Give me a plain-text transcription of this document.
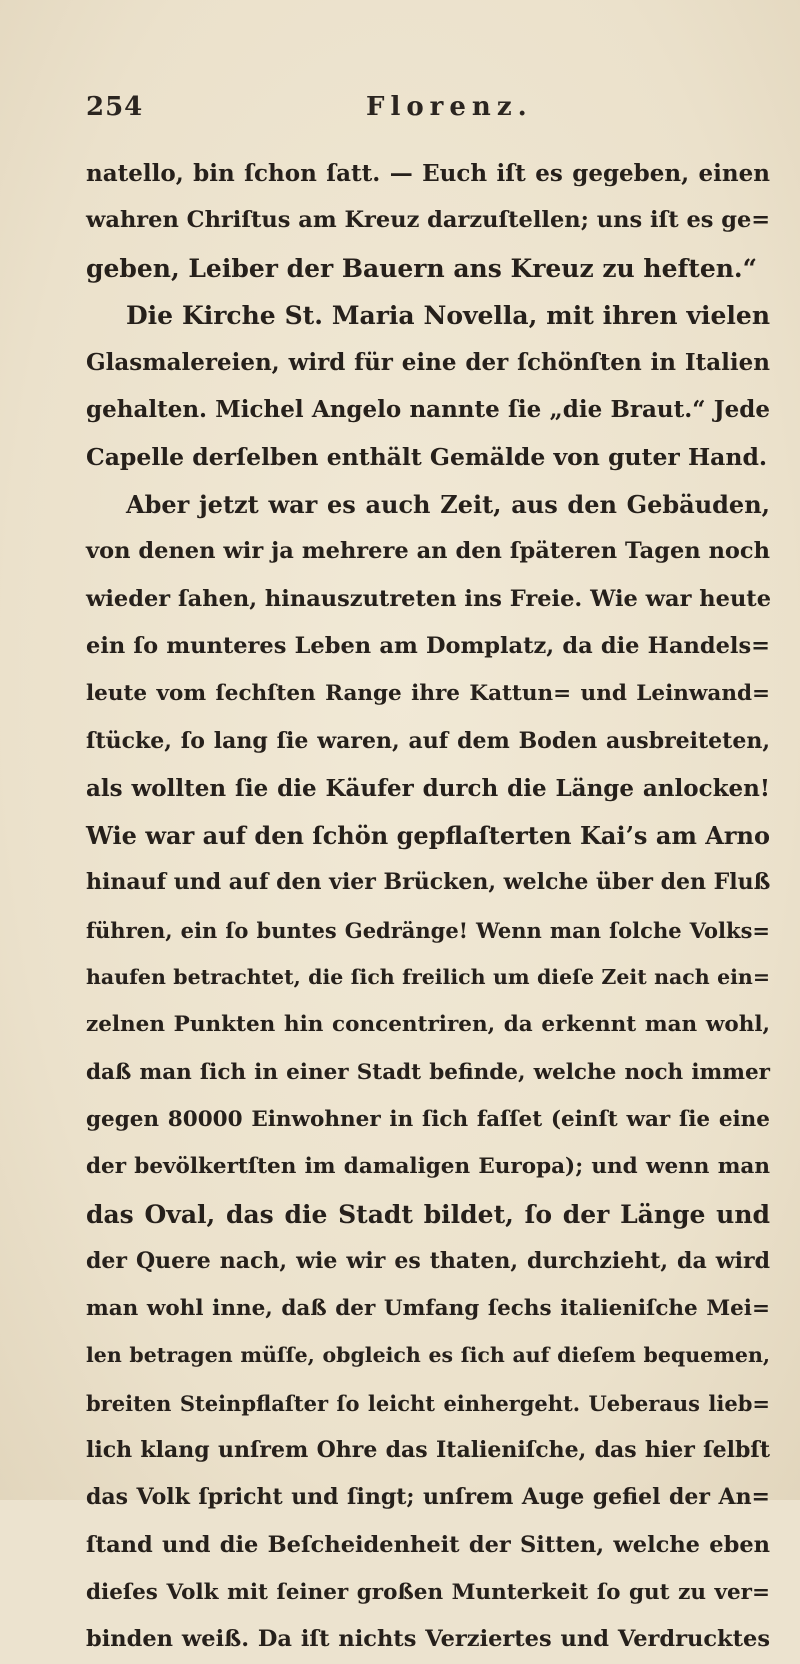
254	Florenz.
natello, bin ſchon ſatt. — Euch iſt es gegeben, einen
wahren Chriſtus am Kreuz darzuſtellen; uns iſt es ge=
geben, Leiber der Bauern ans Kreuz zu heften.“
Die Kirche St. Maria Novella, mit ihren vielen
Glasmalereien, wird für eine der ſchönſten in Italien
gehalten. Michel Angelo nannte ſie „die Braut.“ Jede
Capelle derſelben enthält Gemälde von guter Hand.
Aber jetzt war es auch Zeit, aus den Gebäuden,
von denen wir ja mehrere an den ſpäteren Tagen noch
wieder ſahen, hinauszutreten ins Freie. Wie war heute
ein ſo munteres Leben am Domplatz, da die Handels=
leute vom ſechſten Range ihre Kattun= und Leinwand=
ſtücke, ſo lang ſie waren, auf dem Boden ausbreiteten,
als wollten ſie die Käufer durch die Länge anlocken!
Wie war auf den ſchön gepflaſterten Kai’s am Arno
hinauf und auf den vier Brücken, welche über den Fluß
führen, ein ſo buntes Gedränge! Wenn man ſolche Volks=
haufen betrachtet, die ſich freilich um dieſe Zeit nach ein=
zelnen Punkten hin concentriren, da erkennt man wohl,
daß man ſich in einer Stadt befinde, welche noch immer
gegen 80000 Einwohner in ſich faſſet (einſt war ſie eine
der bevölkertſten im damaligen Europa); und wenn man
das Oval, das die Stadt bildet, ſo der Länge und
der Quere nach, wie wir es thaten, durchzieht, da wird
man wohl inne, daß der Umfang ſechs italieniſche Mei=
len betragen müſſe, obgleich es ſich auf dieſem bequemen,
breiten Steinpflaſter ſo leicht einhergeht. Ueberaus lieb=
lich klang unſrem Ohre das Italieniſche, das hier ſelbſt
das Volk ſpricht und ſingt; unſrem Auge gefiel der An=
ſtand und die Beſcheidenheit der Sitten, welche eben
dieſes Volk mit ſeiner großen Munterkeit ſo gut zu ver=
binden weiß. Da iſt nichts Verziertes und Verdrucktes
